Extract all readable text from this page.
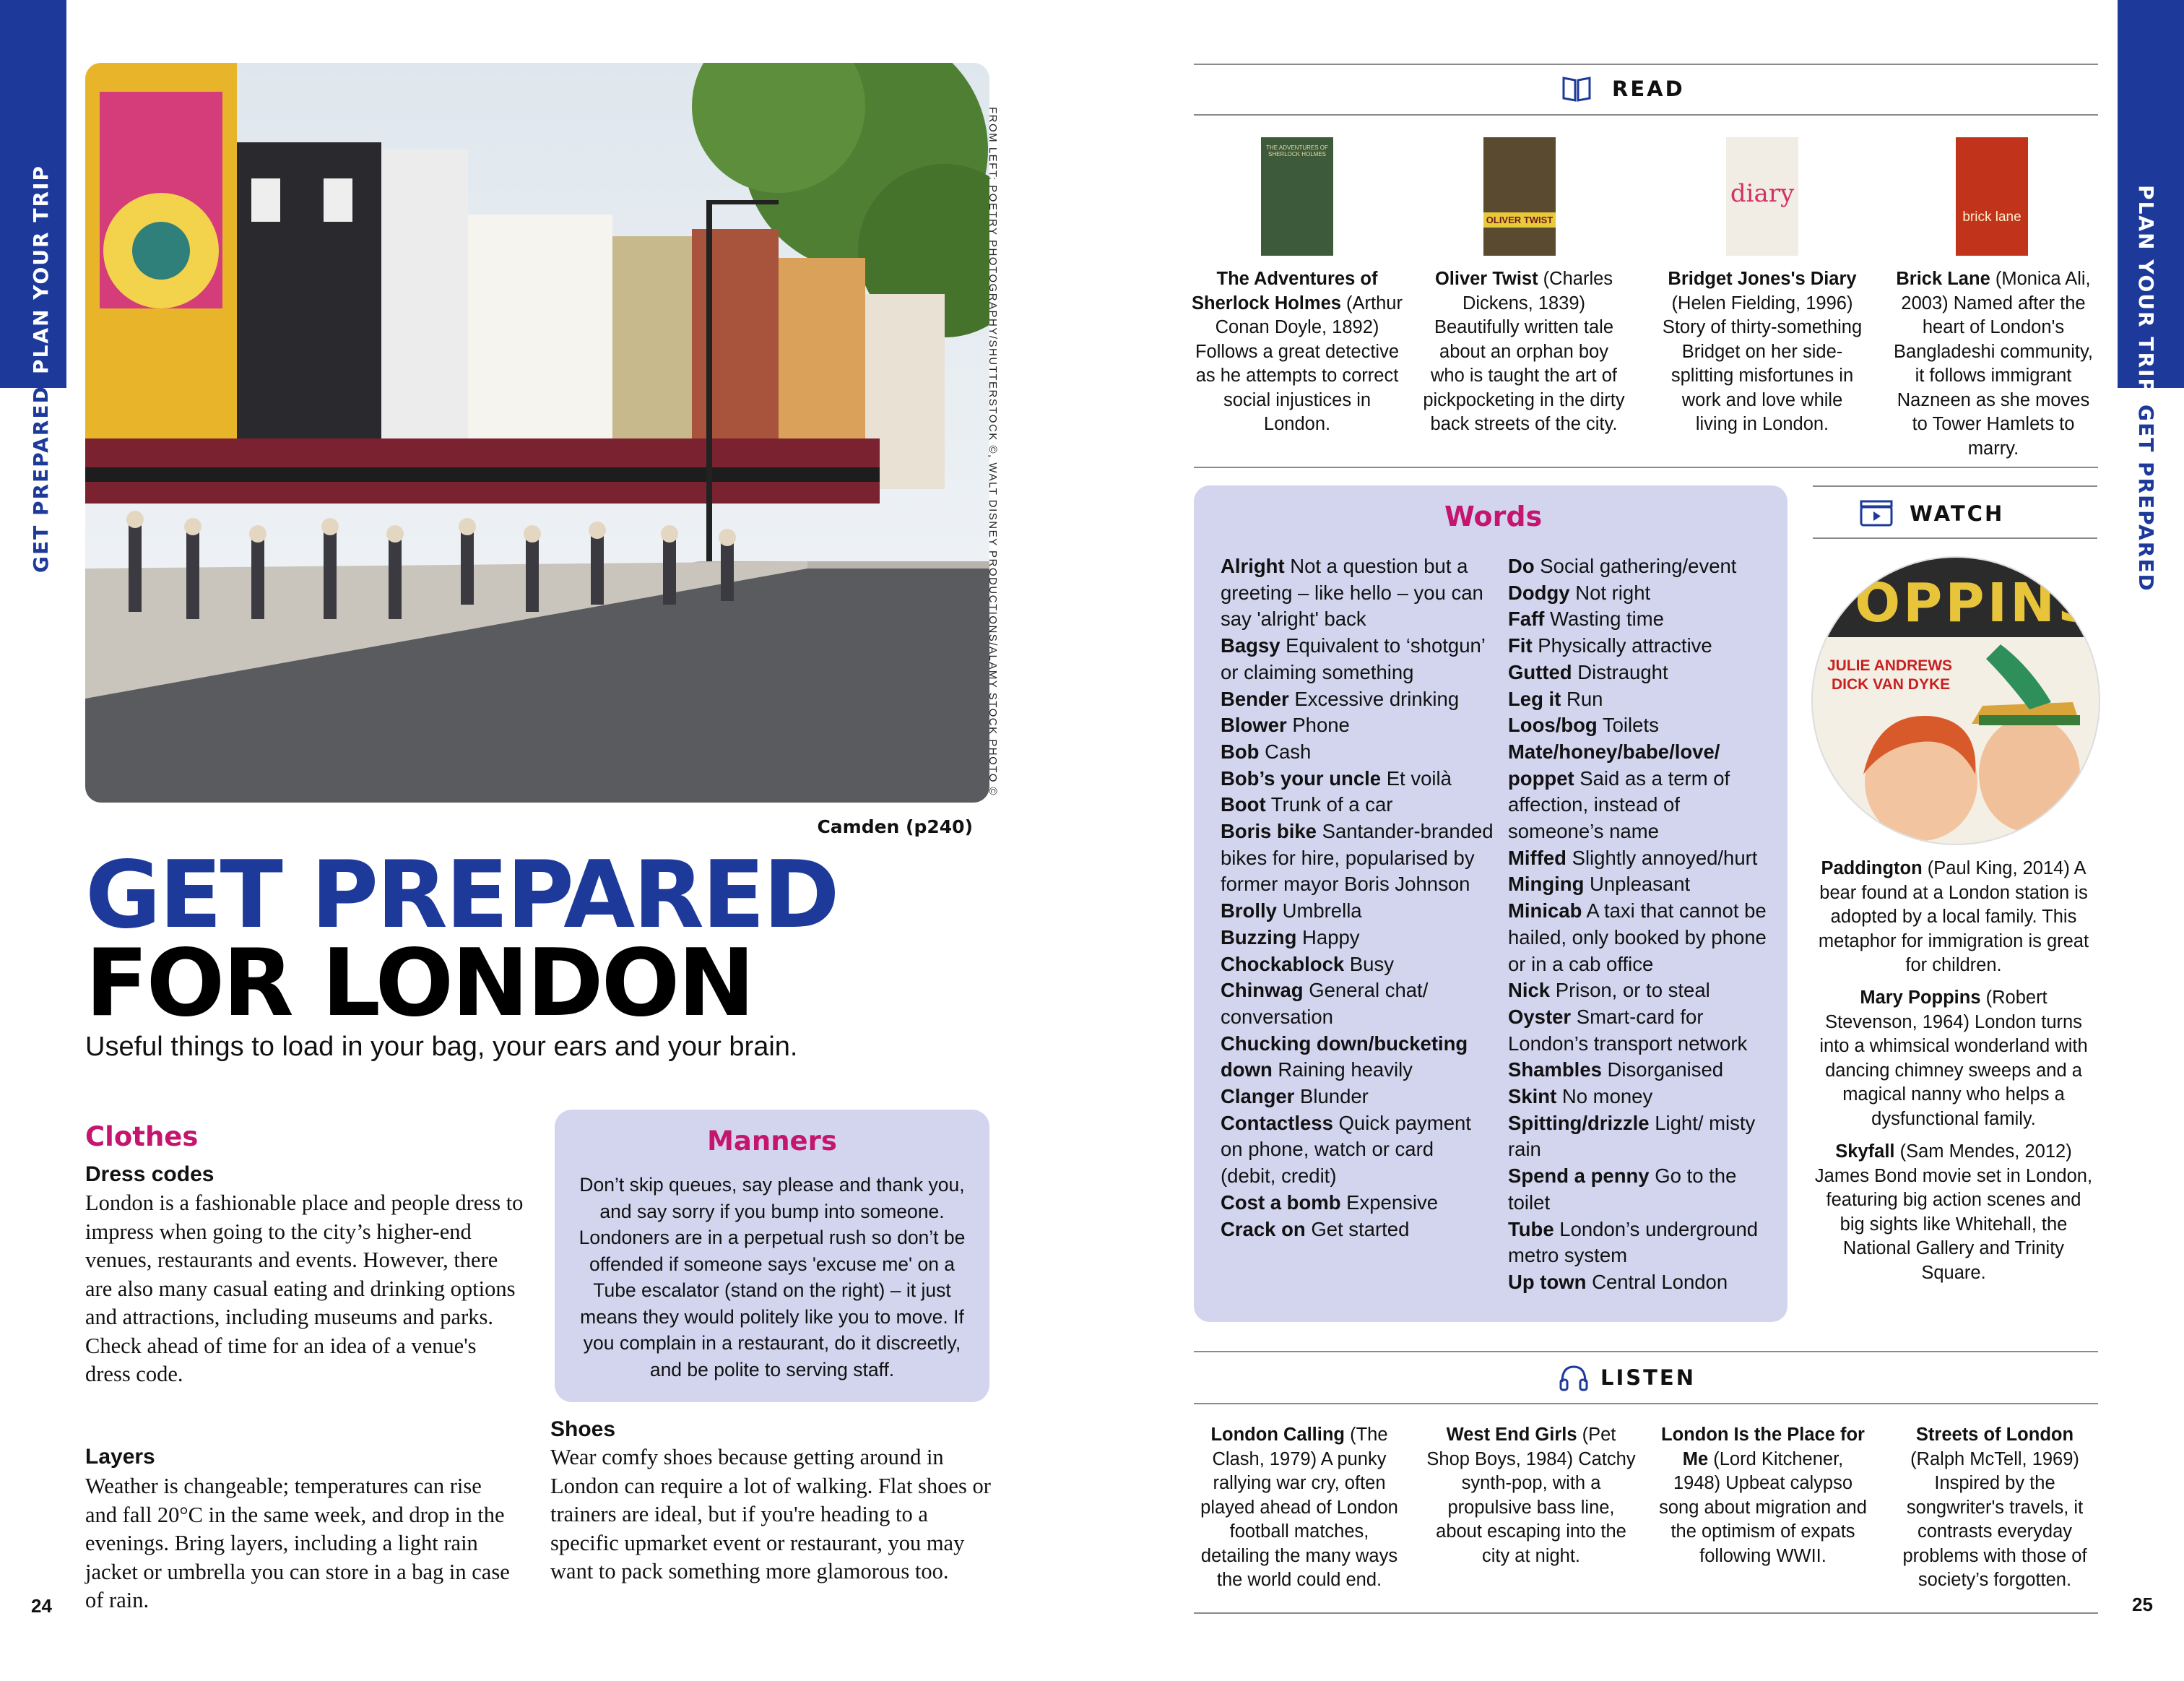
PLAN YOUR TRIP
GET PREPARED
24
FROM LEFT: POETRY PHOTOGRAPHY/SHUTTERSTOCK ©, WALT DISNEY PRODUCTIONS/ALAMY STOCK PHOTO ©
Camden (p240)
GET PREPARED
FOR LONDON
Useful things to load in your bag, your ears and your brain.
Clothes
Dress codes
London is a fashionable place and people dress to impress when going to the city’s higher-end venues, restaurants and events. However, there are also many casual eating and drinking options and attractions, including museums and parks. Check ahead of time for an idea of a venue's dress code.
Layers
Weather is changeable; temperatures can rise and fall 20°C in the same week, and drop in the evenings. Bring layers, including a light rain jacket or umbrella you can store in a bag in case of rain.
Manners
Don’t skip queues, say please and thank you, and say sorry if you bump into someone. Londoners are in a perpetual rush so don’t be offended if someone says 'excuse me' on a Tube escalator (stand on the right) – it just means they would politely like you to move. If you complain in a restaurant, do it discreetly, and be polite to serving staff.
Shoes
Wear comfy shoes because getting around in London can require a lot of walking. Flat shoes or trainers are ideal, but if you're heading to a specific upmarket event or restaurant, you may want to pack something more glamorous too.
PLAN YOUR TRIP
GET PREPARED
25
READ
THE ADVENTURES OF SHERLOCK HOLMES
OLIVER TWIST
diary
brick lane
The Adventures of Sherlock Holmes (Arthur Conan Doyle, 1892) Follows a great detective as he attempts to correct social injustices in London.
Oliver Twist (Charles Dickens, 1839) Beautifully written tale about an orphan boy who is taught the art of pickpocketing in the dirty back streets of the city.
Bridget Jones's Diary (Helen Fielding, 1996) Story of thirty-something Bridget on her side-splitting misfortunes in work and love while living in London.
Brick Lane (Monica Ali, 2003) Named after the heart of London's Bangladeshi community, it follows immigrant Nazneen as she moves to Tower Hamlets to marry.
Words

Alright Not a question but a greeting – like hello – you can say 'alright' back

Bagsy Equivalent to ‘shotgun’ or claiming something

Bender Excessive drinking

Blower Phone

Bob Cash

Bob’s your uncle Et voilà

Boot Trunk of a car

Boris bike Santander-branded bikes for hire, popularised by former mayor Boris Johnson

Brolly Umbrella

Buzzing Happy

Chockablock Busy

Chinwag General chat/ conversation

Chucking down/bucketing down Raining heavily

Clanger Blunder

Contactless Quick payment on phone, watch or card (debit, credit)

Cost a bomb Expensive

Crack on Get started

Do Social gathering/event

Dodgy Not right

Faff Wasting time

Fit Physically attractive

Gutted Distraught

Leg it Run

Loos/bog Toilets

Mate/honey/babe/love/ poppet Said as a term of affection, instead of someone’s name

Miffed Slightly annoyed/hurt

Minging Unpleasant

Minicab A taxi that cannot be hailed, only booked by phone or in a cab office

Nick Prison, or to steal

Oyster Smart-card for London’s transport network

Shambles Disorganised

Skint No money

Spitting/drizzle Light/ misty rain

Spend a penny Go to the toilet

Tube London’s underground metro system

Up town Central London

WATCH
POPPINS
JULIE ANDREWS
DICK VAN DYKE
Paddington (Paul King, 2014) A bear found at a London station is adopted by a local family. This metaphor for immigration is great for children.
Mary Poppins (Robert Stevenson, 1964) London turns into a whimsical wonderland with dancing chimney sweeps and a magical nanny who helps a dysfunctional family.
Skyfall (Sam Mendes, 2012) James Bond movie set in London, featuring big action scenes and big sights like Whitehall, the National Gallery and Trinity Square.
LISTEN
London Calling (The Clash, 1979) A punky rallying war cry, often played ahead of London football matches, detailing the many ways the world could end.
West End Girls (Pet Shop Boys, 1984) Catchy synth-pop, with a propulsive bass line, about escaping into the city at night.
London Is the Place for Me (Lord Kitchener, 1948) Upbeat calypso song about migration and the optimism of expats following WWII.
Streets of London (Ralph McTell, 1969) Inspired by the songwriter's travels, it contrasts everyday problems with those of society’s forgotten.
